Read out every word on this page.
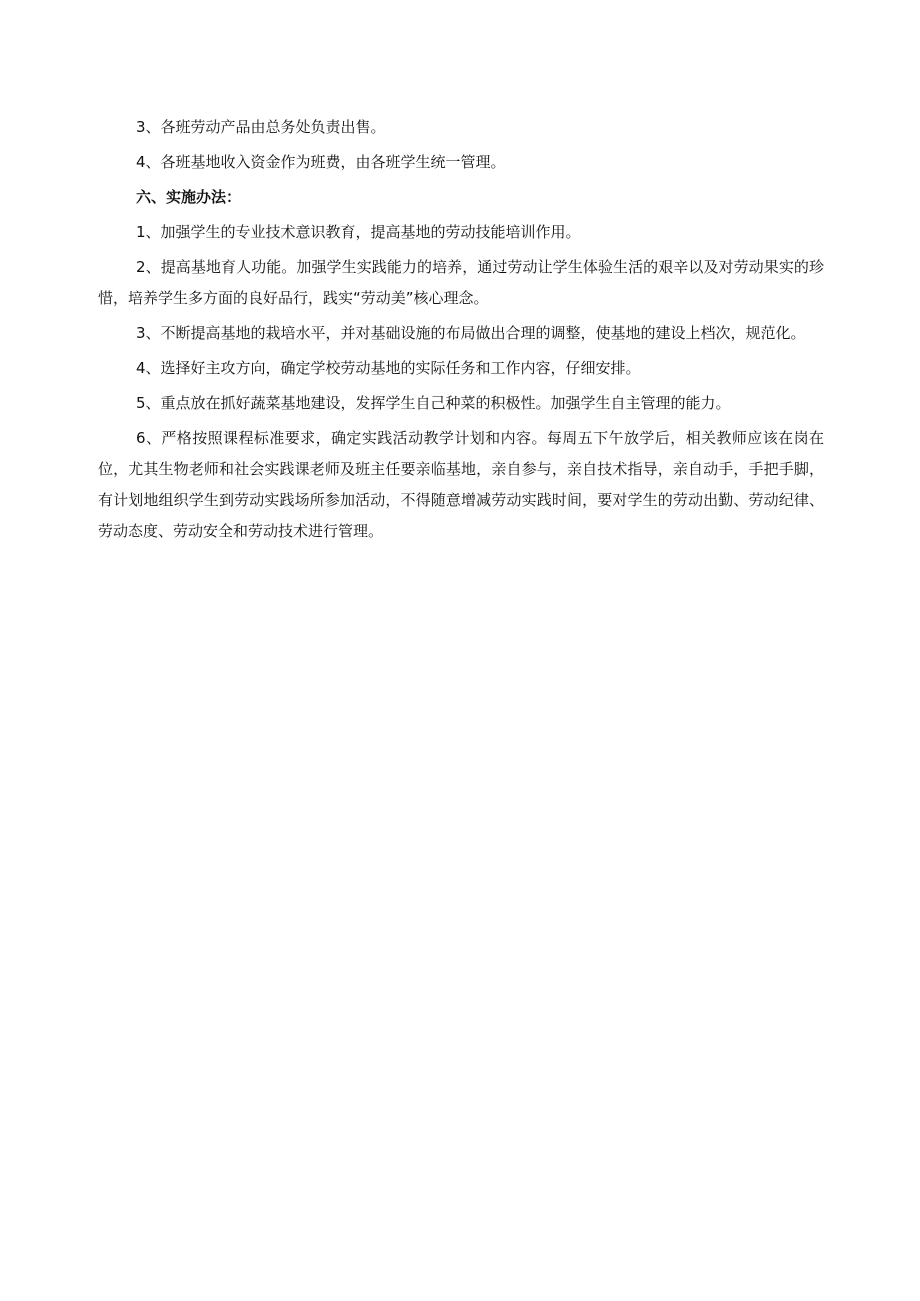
3、各班劳动产品由总务处负责出售。

4、各班基地收入资金作为班费，由各班学生统一管理。

六、实施办法：

1、加强学生的专业技术意识教育，提高基地的劳动技能培训作用。

2、提高基地育人功能。加强学生实践能力的培养，通过劳动让学生体验生活的艰辛以及对劳动果实的珍惜，培养学生多方面的良好品行，践实“劳动美”核心理念。

3、不断提高基地的栽培水平，并对基础设施的布局做出合理的调整，使基地的建设上档次，规范化。

4、选择好主攻方向，确定学校劳动基地的实际任务和工作内容，仔细安排。

5、重点放在抓好蔬菜基地建设，发挥学生自己种菜的积极性。加强学生自主管理的能力。

6、严格按照课程标准要求，确定实践活动教学计划和内容。每周五下午放学后，相关教师应该在岗在位，尤其生物老师和社会实践课老师及班主任要亲临基地，亲自参与，亲自技术指导，亲自动手，手把手脚，有计划地组织学生到劳动实践场所参加活动，不得随意增减劳动实践时间，要对学生的劳动出勤、劳动纪律、劳动态度、劳动安全和劳动技术进行管理。
